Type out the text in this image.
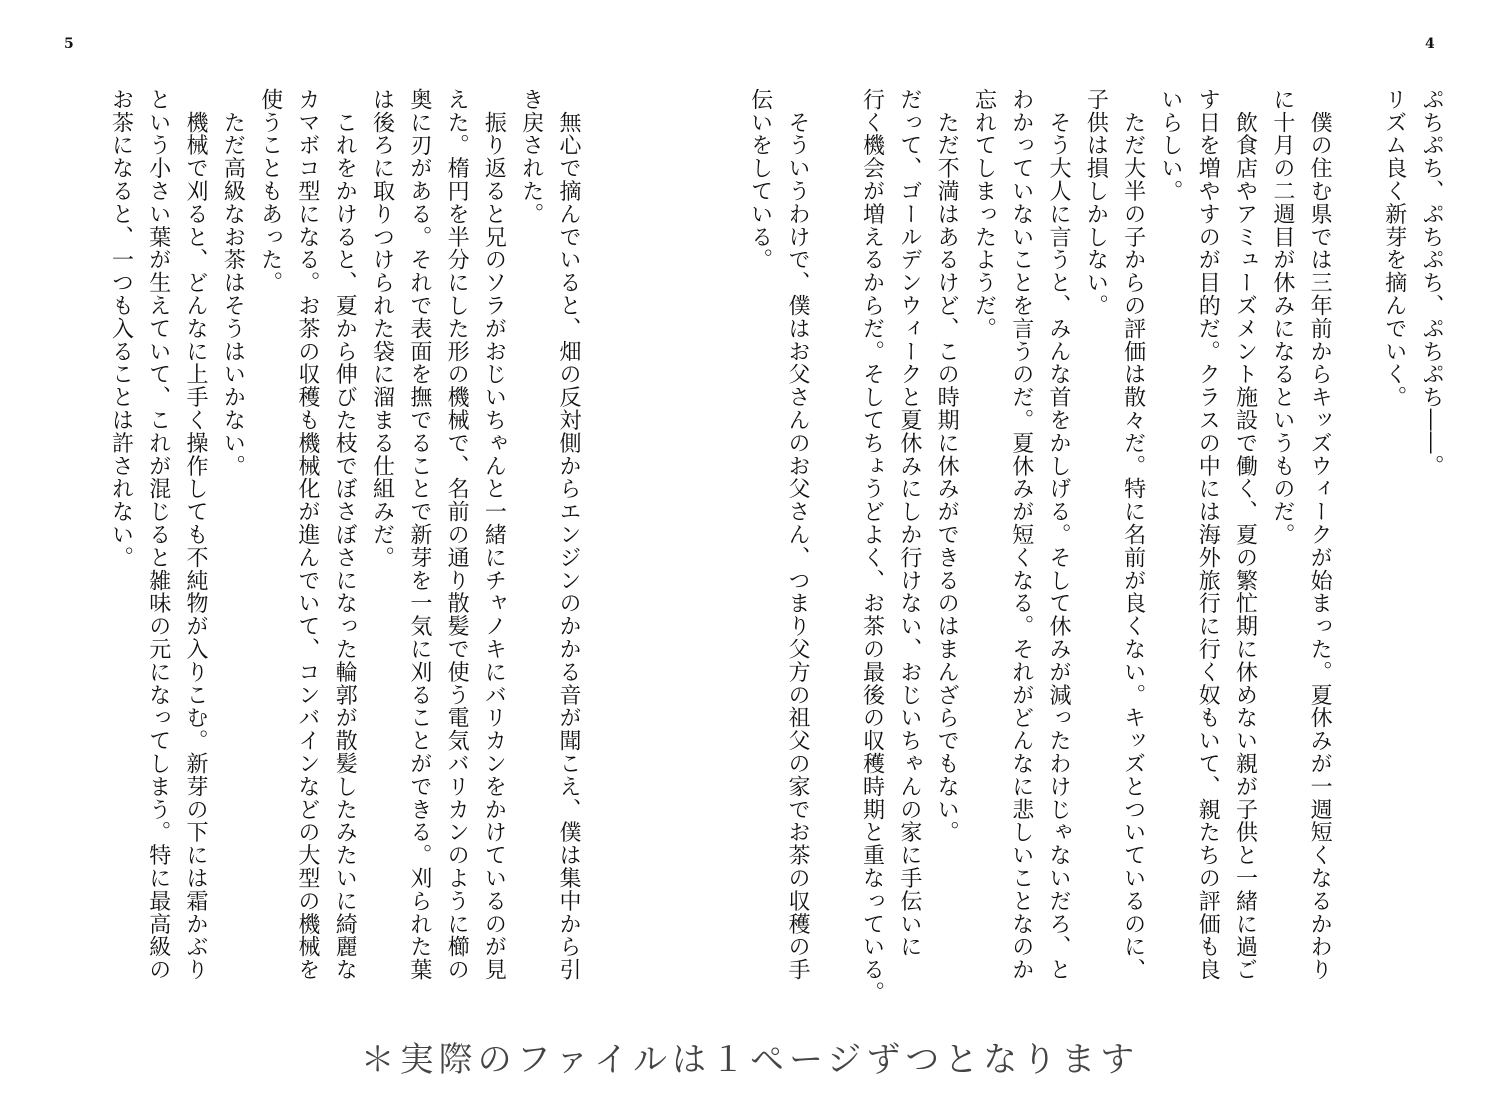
4
5

ぷちぷち、ぷちぷち、ぷちぷち――。

リズム良く新芽を摘んでいく。

　僕の住む県では三年前からキッズウィークが始まった。夏休みが一週短くなるかわり

に十月の二週目が休みになるというものだ。

　飲食店やアミューズメント施設で働く、夏の繁忙期に休めない親が子供と一緒に過ご

す日を増やすのが目的だ。クラスの中には海外旅行に行く奴もいて、親たちの評価も良

いらしい。

　ただ大半の子からの評価は散々だ。特に名前が良くない。キッズとついているのに、

子供は損しかしない。

　そう大人に言うと、みんな首をかしげる。そして休みが減ったわけじゃないだろ、と

わかっていないことを言うのだ。夏休みが短くなる。それがどんなに悲しいことなのか

忘れてしまったようだ。

　ただ不満はあるけど、この時期に休みができるのはまんざらでもない。

だって、ゴールデンウィークと夏休みにしか行けない、おじいちゃんの家に手伝いに

行く機会が増えるからだ。そしてちょうどよく、お茶の最後の収穫時期と重なっている。

　そういうわけで、僕はお父さんのお父さん、つまり父方の祖父の家でお茶の収穫の手

伝いをしている。

　無心で摘んでいると、畑の反対側からエンジンのかかる音が聞こえ、僕は集中から引

き戻された。

　振り返ると兄のソラがおじいちゃんと一緒にチャノキにバリカンをかけているのが見

えた。楕円を半分にした形の機械で、名前の通り散髪で使う電気バリカンのように櫛の

奥に刃がある。それで表面を撫でることで新芽を一気に刈ることができる。刈られた葉

は後ろに取りつけられた袋に溜まる仕組みだ。

　これをかけると、夏から伸びた枝でぼさぼさになった輪郭が散髪したみたいに綺麗な

カマボコ型になる。お茶の収穫も機械化が進んでいて、コンバインなどの大型の機械を

使うこともあった。

　ただ高級なお茶はそうはいかない。

　機械で刈ると、どんなに上手く操作しても不純物が入りこむ。新芽の下には霜かぶり

という小さい葉が生えていて、これが混じると雑味の元になってしまう。特に最高級の

お茶になると、一つも入ることは許されない。

＊実際のファイルは１ページずつとなります
